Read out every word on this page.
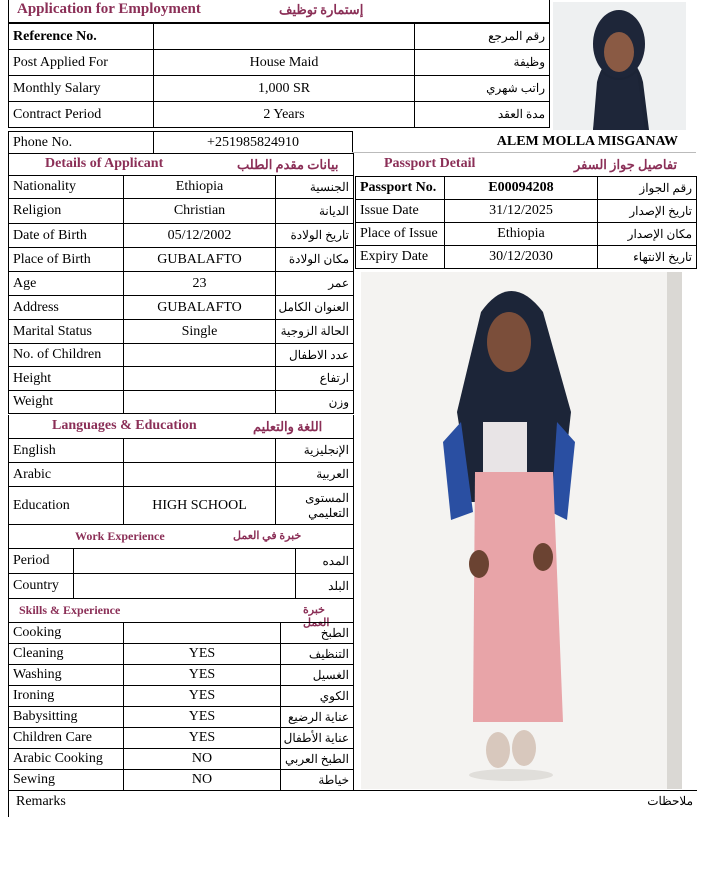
Application for Employment	إستمارة توظيف
Reference No.		رقم المرجع
Post Applied For	House Maid	وظيفة
Monthly Salary	1,000 SR	راتب شهري
Contract Period	2 Years	مدة العقد
Phone No.	+251985824910	ALEM MOLLA MISGANAW
Details of Applicant	بيانات مقدم الطلب
Nationality	Ethiopia	الجنسية
Religion	Christian	الديانة
Date of Birth	05/12/2002	تاريخ الولادة
Place of Birth	GUBALAFTO	مكان الولادة
Age	23	عمر
Address	GUBALAFTO	العنوان الكامل
Marital Status	Single	الحالة الزوجية
No. of Children		عدد الاطفال
Height		ارتفاع
Weight		وزن
Passport Detail	تفاصيل جواز السفر
Passport No.	E00094208	رقم الجواز
Issue Date	31/12/2025	تاريخ الإصدار
Place of Issue	Ethiopia	مكان الإصدار
Expiry Date	30/12/2030	تاريخ الانتهاء
Languages & Education	اللغة والتعليم
English		الإنجليزية
Arabic		العربية
Education	HIGH SCHOOL	المستوى التعليمي
Work Experience	خبرة في العمل
Period		المده
Country		البلد
Skills & Experience	خبرة العمل
Cooking		الطبخ
Cleaning	YES	التنظيف
Washing	YES	الغسيل
Ironing	YES	الكوي
Babysitting	YES	عناية الرضيع
Children Care	YES	عناية الأطفال
Arabic Cooking	NO	الطبخ العربي
Sewing	NO	خياطة
Remarks	ملاحظات
